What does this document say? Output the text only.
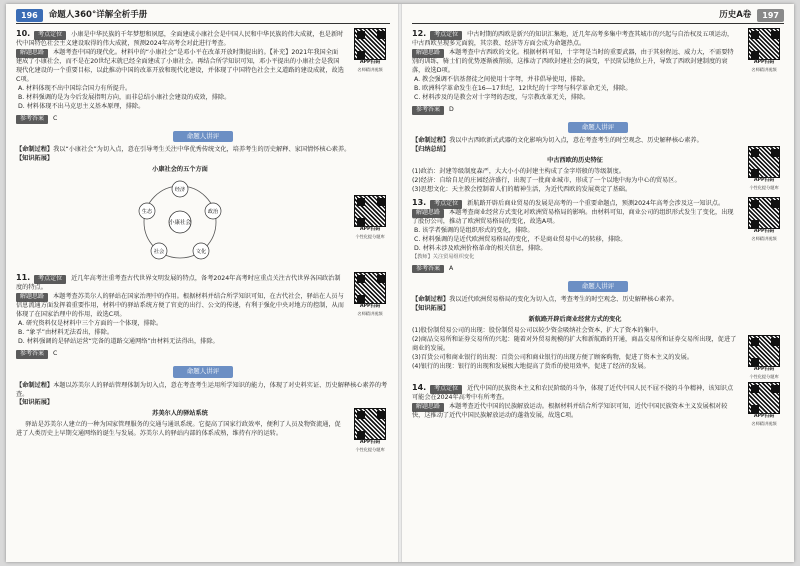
196	命题人360°详解全析手册
10. 考点定位 小康是中华民族的千年梦想和夙愿，全面建成小康社会是中国人民和中华民族的伟大成就，也是新时代中国特色社会主义建设取得的伟大成就，预测2024年高考会对此进行考查。
解题思路 本题考查中国的现代化。材料中的“小康社会”是邓小平在改革开放时期提出的。【补充】2021年我国全面建成了小康社会，而不是在20世纪末就已经全面建成了小康社会。再结合所学知识可知，邓小平提出的小康社会是我国现代化建设的一个重要目标，以此推动中国的改革开放和现代化建设，并体现了中国特色社会主义道路的建设成就，故选C项。
A. 材料体现不出中国综合国力有所提升。
B. 材料强调的是为今后发展指明方向，而非总结小康社会建设的成效，排除。
D. 材料体现不出马克思主义基本原理，排除。
参考答案 C
APP扫码
名师精讲视频
命题人讲评
【命制过程】我以“小康社会”为切入点，意在引导考生关注中华优秀传统文化，培养考生的历史解释、家国情怀核心素养。
【知识拓展】
小康社会的五个方面
小康社会
经济
政治
文化
社会
生态
APP扫码
个性化提分题库
11. 考点定位 近几年高考注重考查古代世界文明发展的特点，备考2024年高考时应重点关注古代世界各国政治制度的特点。
解题思路 本题考查苏美尔人的驿站在国家治理中的作用。根据材料并结合所学知识可知，在古代社会，驿站在人员与信息流通方面发挥着重要作用，材料中的驿站系统方便了官吏的出行、公文的传递，有利于强化中央对地方的控制，从而体现了在国家治理中的作用，故选C项。
A. 研究资料仅是材料中三个方面的一个体现，排除。
B. “象孚”由材料无法看出，排除。
D. 材料强调的是驿站运营“完备的道路交通网络”由材料无法得出，排除。
参考答案 C
APP扫码
名师精讲视频
命题人讲评
【命制过程】本题以苏美尔人的驿站管理体制为切入点，意在考查考生运用所学知识的能力，体现了对史料实证、历史解释核心素养的考查。
【知识拓展】
苏美尔人的驿站系统
驿站是苏美尔人建立的一种为国家管理服务的交通与通讯系统。它提高了国家行政效率，便利了人员及物资流通，促进了人类历史上早期交通网络的诞生与发展。苏美尔人的驿站内部的体系成熟，维持有序的运转。
APP扫码
个性化提分题库
历史A卷	197
12. 考点定位 中古时期的西欧是新兴的知识汇集地，近几年高考多集中考查其城市的兴起与自治权及五项运动，中古西欧呈现多元面貌，其宗教、经济等方面会成为命题热点。
解题思路 本题考查中古西欧的文化。根据材料可知，十字弩是当时的重要武器，由于其射程远、威力大，不需要特别的训练，骑士们的优势逐渐被削弱，这推动了西欧封建社会的演变，平民阶层地位上升，导致了西欧封建制度的衰落，故选D项。
A. 教会强调不信基督徒之间使用十字弩，并非倡导使用，排除。
B. 欧洲科学革命发生在16—17世纪，12世纪的十字弩与科学革命无关，排除。
C. 材料涉及的是教会对十字弩的态度，与宗教改革无关，排除。
参考答案 D
APP扫码
名师精讲视频
命题人讲评
【命制过程】我以中古西欧新式武器的文化影响为切入点，意在考查考生的时空观念、历史解释核心素养。
【归纳总结】
中古西欧的历史特征
(1)政治：封建等级制度森严，大大小小的封建主构成了金字塔般的等级制度。
(2)经济：自给自足的庄园经济盛行，出现了一批商业城市，形成了一个以地中海为中心的贸易区。
(3)思想文化：天主教会控制着人们的精神生活，为近代西欧的发展奠定了基础。
APP扫码
个性化提分题库
13. 考点定位 新航路开辟后商业贸易的发展是高考的一个重要命题点，预测2024年高考会涉及这一知识点。
解题思路 本题考查商业经营方式变化对欧洲贸易格局的影响。由材料可知，商业公司的组织形式发生了变化，出现了股份公司，推动了欧洲贸易格局的变化，故选A项。
B. 该学者强调的是组织形式的变化，排除。
C. 材料强调的是近代欧洲贸易格局的变化，不是商业贸易中心的转移，排除。
D. 材料未涉及欧洲价格革命的相关信息，排除。
【教师】关注贸易组织变化
参考答案 A
APP扫码
名师精讲视频
命题人讲评
【命制过程】我以近代欧洲贸易格局的变化为切入点，考查考生的时空观念、历史解释核心素养。
【知识拓展】
新航路开辟后商业经营方式的变化
(1)股份制贸易公司的出现：股份制贸易公司以较少资金吸纳社会资本，扩大了资本的集中。
(2)商品交易所和证券交易所的兴起：随着对外贸易规模的扩大和新航路的开通，商品交易所和证券交易所出现，促进了商业的发展。
(3)百货公司和商业银行的出现：百货公司和商业银行的出现方便了顾客购物，促进了资本主义的发展。
(4)银行的出现：银行的出现和发展极大地提高了货币的使用效率，促进了经济的发展。	APP扫码
个性化提分题库
14. 考点定位 近代中国的民族资本主义和农民阶级的斗争，体现了近代中国人民不屈不挠的斗争精神，该知识点可能会在2024年高考中有所考查。
解题思路 本题考查近代中国的民族解放运动。根据材料并结合所学知识可知，近代中国民族资本主义发展相对较快，这推动了近代中国民族解放运动的蓬勃发展，故选C项。	APP扫码
名师精讲视频
